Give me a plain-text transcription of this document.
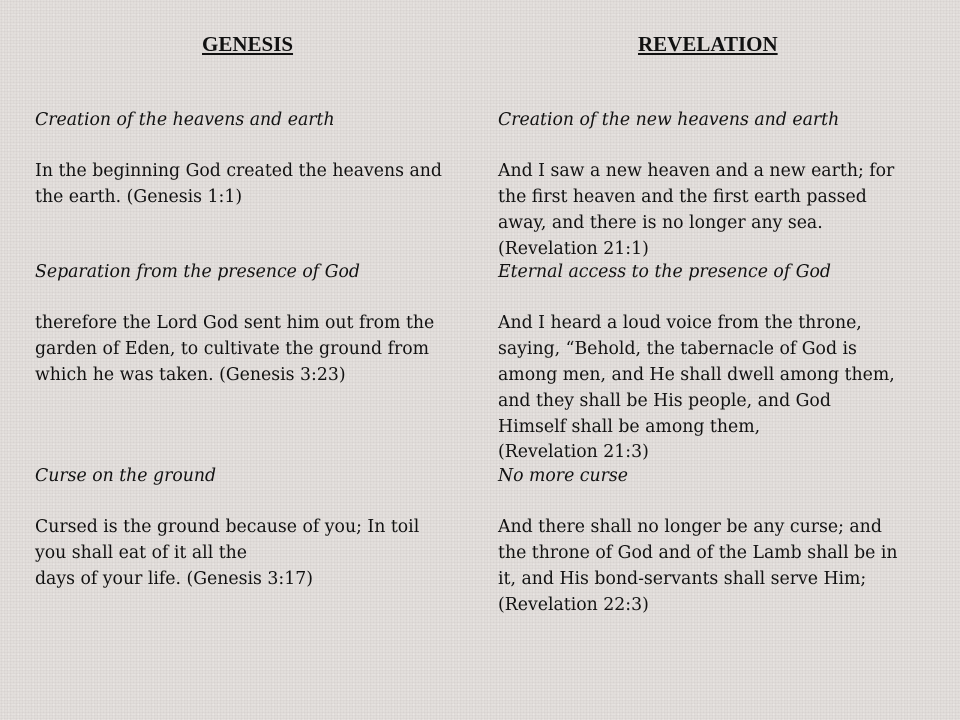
GENESIS	REVELATION

Creation of the heavens and earth

In the beginning God created the heavens and
the earth. (Genesis 1:1)

Separation from the presence of God

therefore the Lord God sent him out from the
garden of Eden, to cultivate the ground from
which he was taken. (Genesis 3:23)

Curse on the ground

Cursed is the ground because of you; In toil
you shall eat of it all the
days of your life. (Genesis 3:17)

Creation of the new heavens and earth

And I saw a new heaven and a new earth; for
the first heaven and the first earth passed
away, and there is no longer any sea.
(Revelation 21:1)

Eternal access to the presence of God

And I heard a loud voice from the throne,
saying, “Behold, the tabernacle of God is
among men, and He shall dwell among them,
and they shall be His people, and God
Himself shall be among them,
(Revelation 21:3)

No more curse

And there shall no longer be any curse; and
the throne of God and of the Lamb shall be in
it, and His bond-servants shall serve Him;
(Revelation 22:3)
